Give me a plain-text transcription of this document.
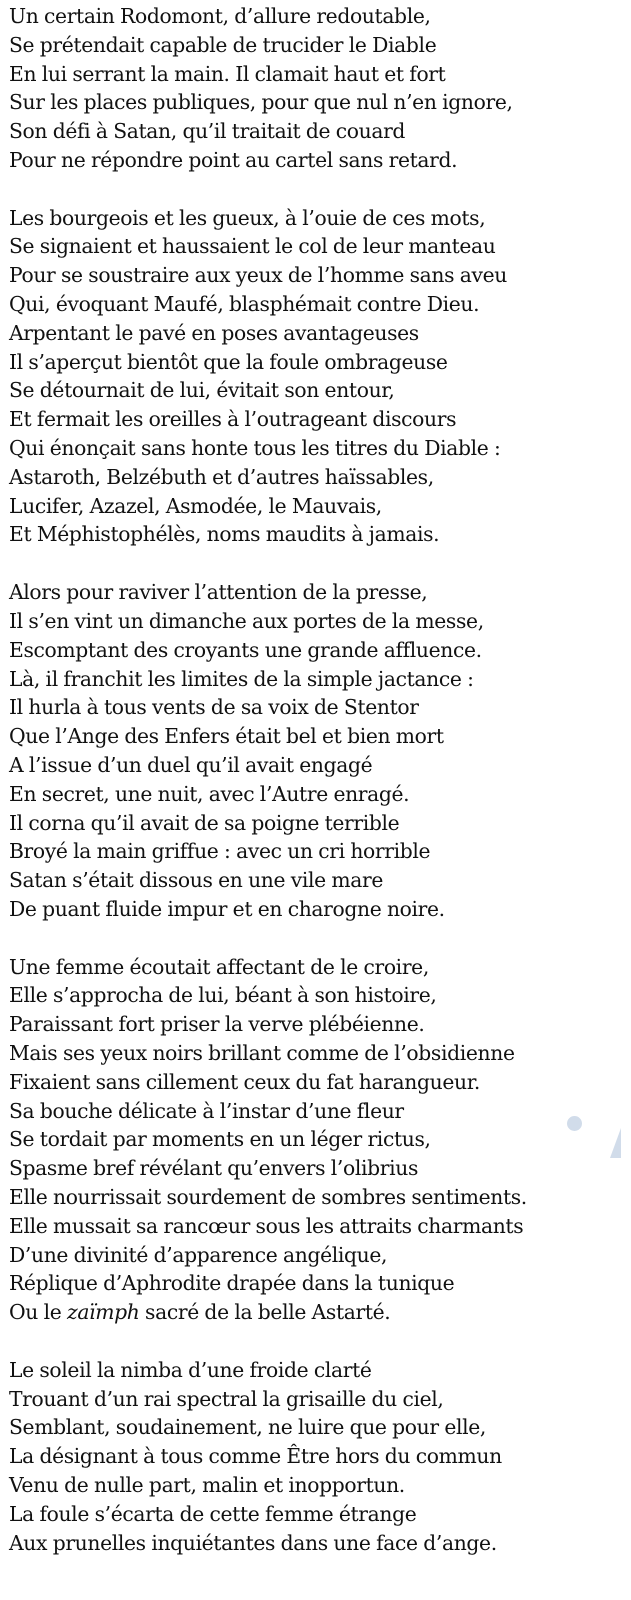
Un certain Rodomont, d’allure redoutable,
Se prétendait capable de trucider le Diable
En lui serrant la main. Il clamait haut et fort
Sur les places publiques, pour que nul n’en ignore,
Son défi à Satan, qu’il traitait de couard
Pour ne répondre point au cartel sans retard.
Les bourgeois et les gueux, à l’ouie de ces mots,
Se signaient et haussaient le col de leur manteau
Pour se soustraire aux yeux de l’homme sans aveu
Qui, évoquant Maufé, blasphémait contre Dieu.
Arpentant le pavé en poses avantageuses
Il s’aperçut bientôt que la foule ombrageuse
Se détournait de lui, évitait son entour,
Et fermait les oreilles à l’outrageant discours
Qui énonçait sans honte tous les titres du Diable :
Astaroth, Belzébuth et d’autres haïssables,
Lucifer, Azazel, Asmodée, le Mauvais,
Et Méphistophélès, noms maudits à jamais.
Alors pour raviver l’attention de la presse,
Il s’en vint un dimanche aux portes de la messe,
Escomptant des croyants une grande affluence.
Là, il franchit les limites de la simple jactance :
Il hurla à tous vents de sa voix de Stentor
Que l’Ange des Enfers était bel et bien mort
A l’issue d’un duel qu’il avait engagé
En secret, une nuit, avec l’Autre enragé.
Il corna qu’il avait de sa poigne terrible
Broyé la main griffue : avec un cri horrible
Satan s’était dissous en une vile mare
De puant fluide impur et en charogne noire.
Une femme écoutait affectant de le croire,
Elle s’approcha de lui, béant à son histoire,
Paraissant fort priser la verve plébéienne.
Mais ses yeux noirs brillant comme de l’obsidienne
Fixaient sans cillement ceux du fat harangueur.
Sa bouche délicate à l’instar d’une fleur
Se tordait par moments en un léger rictus,
Spasme bref révélant qu’envers l’olibrius
Elle nourrissait sourdement de sombres sentiments.
Elle mussait sa rancœur sous les attraits charmants
D’une divinité d’apparence angélique,
Réplique d’Aphrodite drapée dans la tunique
Ou le zaïmph sacré de la belle Astarté.
Le soleil la nimba d’une froide clarté
Trouant d’un rai spectral la grisaille du ciel,
Semblant, soudainement, ne luire que pour elle,
La désignant à tous comme Être hors du commun
Venu de nulle part, malin et inopportun.
La foule s’écarta de cette femme étrange
Aux prunelles inquiétantes dans une face d’ange.
